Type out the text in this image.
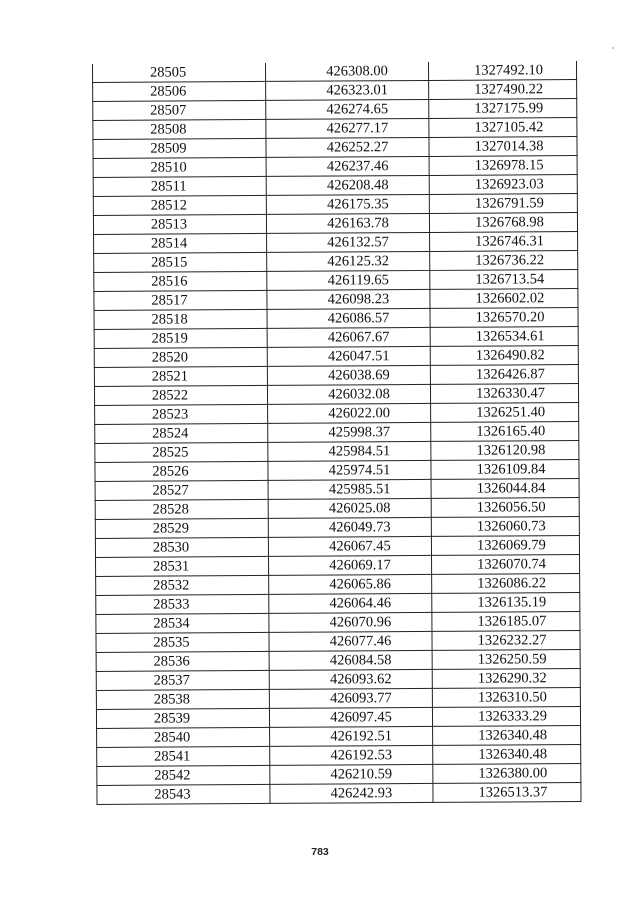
28505	426308.00	1327492.10
28506	426323.01	1327490.22
28507	426274.65	1327175.99
28508	426277.17	1327105.42
28509	426252.27	1327014.38
28510	426237.46	1326978.15
28511	426208.48	1326923.03
28512	426175.35	1326791.59
28513	426163.78	1326768.98
28514	426132.57	1326746.31
28515	426125.32	1326736.22
28516	426119.65	1326713.54
28517	426098.23	1326602.02
28518	426086.57	1326570.20
28519	426067.67	1326534.61
28520	426047.51	1326490.82
28521	426038.69	1326426.87
28522	426032.08	1326330.47
28523	426022.00	1326251.40
28524	425998.37	1326165.40
28525	425984.51	1326120.98
28526	425974.51	1326109.84
28527	425985.51	1326044.84
28528	426025.08	1326056.50
28529	426049.73	1326060.73
28530	426067.45	1326069.79
28531	426069.17	1326070.74
28532	426065.86	1326086.22
28533	426064.46	1326135.19
28534	426070.96	1326185.07
28535	426077.46	1326232.27
28536	426084.58	1326250.59
28537	426093.62	1326290.32
28538	426093.77	1326310.50
28539	426097.45	1326333.29
28540	426192.51	1326340.48
28541	426192.53	1326340.48
28542	426210.59	1326380.00
28543	426242.93	1326513.37
783
